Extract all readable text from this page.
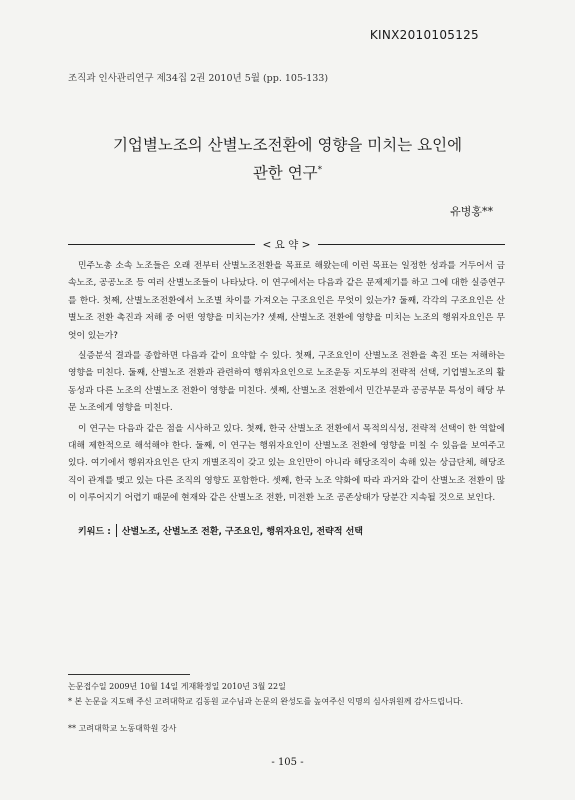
KINX2010105125
조직과 인사관리연구 제34집 2권 2010년 5월 (pp. 105-133)
기업별노조의 산별노조전환에 영향을 미치는 요인에
관한 연구*
유병홍**
< 요 약 >

민주노총 소속 노조들은 오래 전부터 산별노조전환을 목표로 해왔는데 이런 목표는 일정한 성과를 거두어서 금속노조, 공공노조 등 여러 산별노조들이 나타났다. 이 연구에서는 다음과 같은 문제제기를 하고 그에 대한 실증연구를 한다. 첫째, 산별노조전환에서 노조별 차이를 가져오는 구조요인은 무엇이 있는가? 둘째, 각각의 구조요인은 산별노조 전환 촉진과 저해 중 어떤 영향을 미치는가? 셋째, 산별노조 전환에 영향을 미치는 노조의 행위자요인은 무엇이 있는가?

실증분석 결과를 종합하면 다음과 같이 요약할 수 있다. 첫째, 구조요인이 산별노조 전환을 촉진 또는 저해하는 영향을 미친다. 둘째, 산별노조 전환과 관련하여 행위자요인으로 노조운동 지도부의 전략적 선택, 기업별노조의 활동성과 다른 노조의 산별노조 전환이 영향을 미친다. 셋째, 산별노조 전환에서 민간부문과 공공부문 특성이 해당 부문 노조에게 영향을 미친다.

이 연구는 다음과 같은 점을 시사하고 있다. 첫째, 한국 산별노조 전환에서 목적의식성, 전략적 선택이 한 역할에 대해 제한적으로 해석해야 한다. 둘째, 이 연구는 행위자요인이 산별노조 전환에 영향을 미칠 수 있음을 보여주고 있다. 여기에서 행위자요인은 단지 개별조직이 갖고 있는 요인만이 아니라 해당조직이 속해 있는 상급단체, 해당조직이 관계를 맺고 있는 다른 조직의 영향도 포함한다. 셋째, 한국 노조 약화에 따라 과거와 같이 산별노조 전환이 많이 이루어지기 어렵기 때문에 현재와 같은 산별노조 전환, 미전환 노조 공존상태가 당분간 지속될 것으로 보인다.

키워드 : 산별노조, 산별노조 전환, 구조요인, 행위자요인, 전략적 선택

논문접수일 2009년 10월 14일 게재확정일 2010년 3월 22일

* 본 논문을 지도해 주신 고려대학교 김동원 교수님과 논문의 완성도를 높여주신 익명의 심사위원께 감사드립니다.

** 고려대학교 노동대학원 강사

- 105 -
